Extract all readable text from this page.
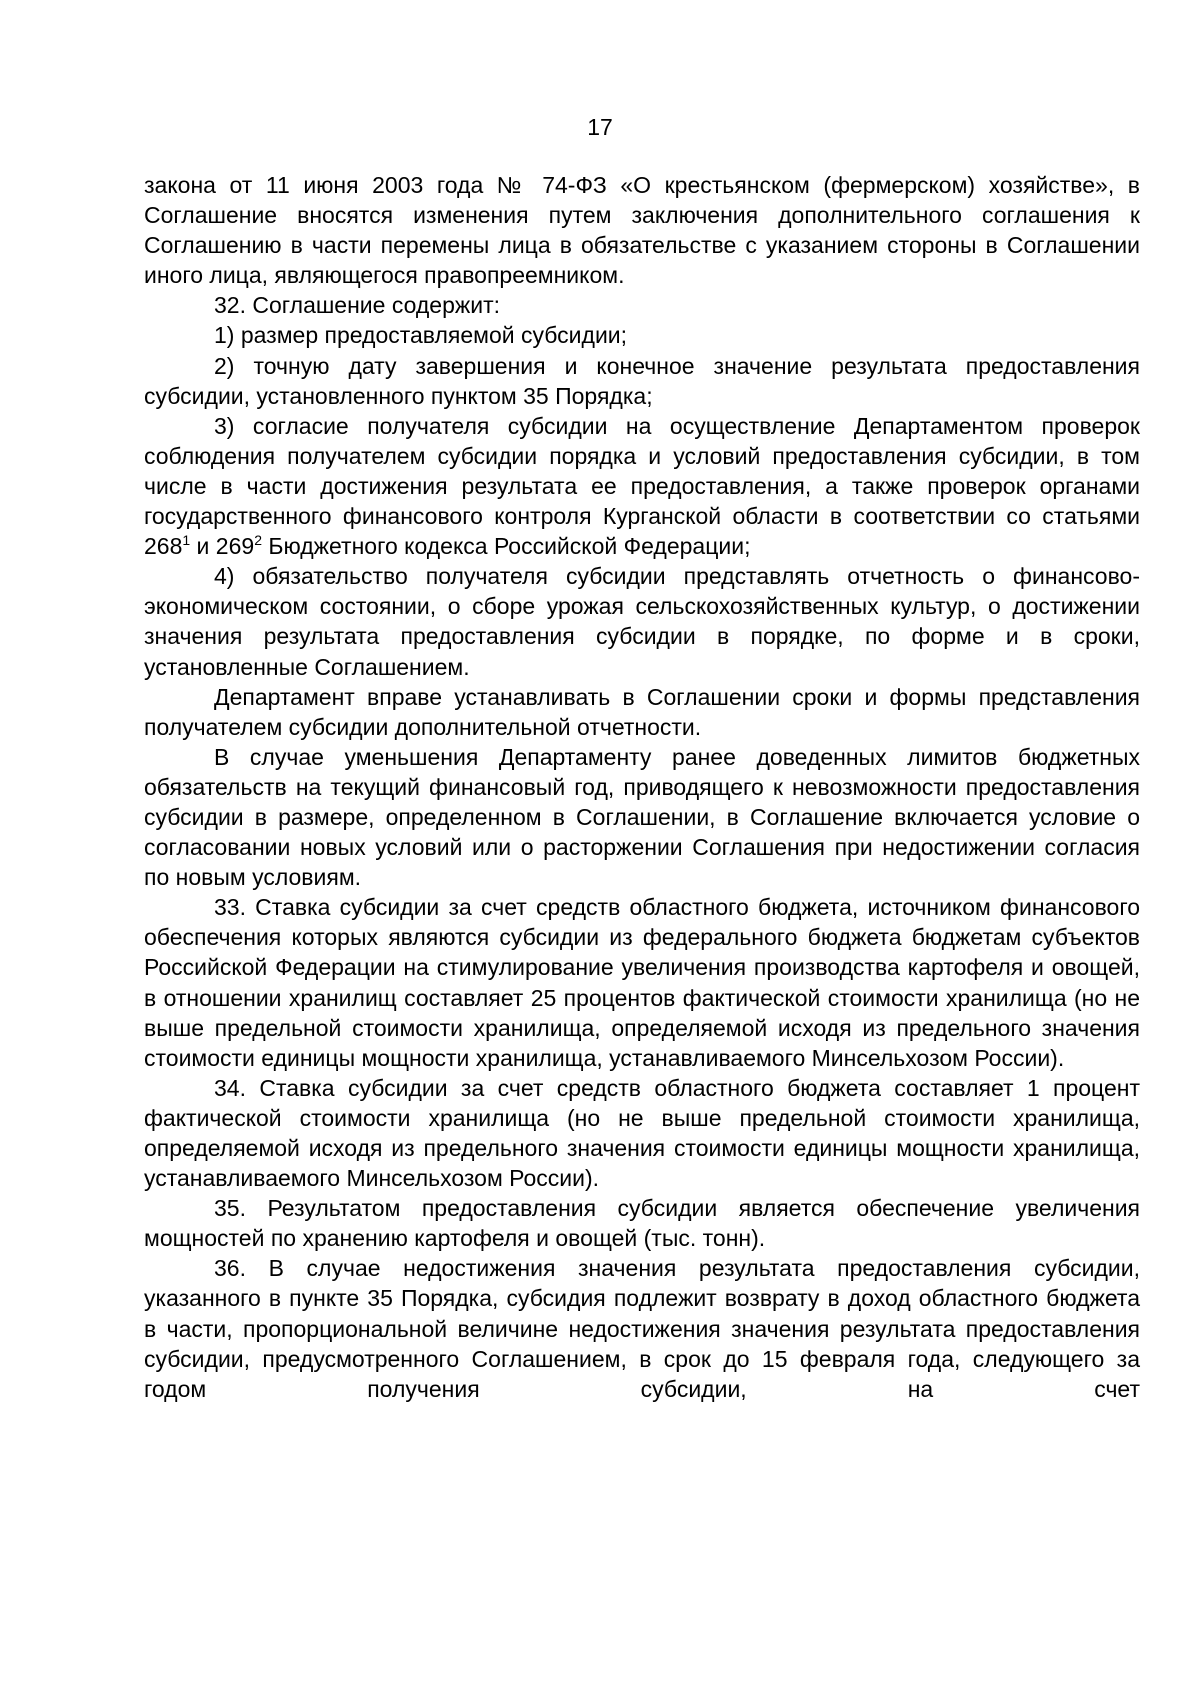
17

закона от 11 июня 2003 года № 74-ФЗ «О крестьянском (фермерском) хозяйстве», в Соглашение вносятся изменения путем заключения дополнительного соглашения к Соглашению в части перемены лица в обязательстве с указанием стороны в Соглашении иного лица, являющегося правопреемником.

32. Соглашение содержит:

1) размер предоставляемой субсидии;

2) точную дату завершения и конечное значение результата предоставления субсидии, установленного пунктом 35 Порядка;

3) согласие получателя субсидии на осуществление Департаментом проверок соблюдения получателем субсидии порядка и условий предоставления субсидии, в том числе в части достижения результата ее предоставления, а также проверок органами государственного финансового контроля Курганской области в соответствии со статьями $268^1$ и $269^2$ Бюджетного кодекса Российской Федерации;

4) обязательство получателя субсидии представлять отчетность о финансово-экономическом состоянии, о сборе урожая сельскохозяйственных культур, о достижении значения результата предоставления субсидии в порядке, по форме и в сроки, установленные Соглашением.

Департамент вправе устанавливать в Соглашении сроки и формы представления получателем субсидии дополнительной отчетности.

В случае уменьшения Департаменту ранее доведенных лимитов бюджетных обязательств на текущий финансовый год, приводящего к невозможности предоставления субсидии в размере, определенном в Соглашении, в Соглашение включается условие о согласовании новых условий или о расторжении Соглашения при недостижении согласия по новым условиям.

33. Ставка субсидии за счет средств областного бюджета, источником финансового обеспечения которых являются субсидии из федерального бюджета бюджетам субъектов Российской Федерации на стимулирование увеличения производства картофеля и овощей, в отношении хранилищ составляет 25 процентов фактической стоимости хранилища (но не выше предельной стоимости хранилища, определяемой исходя из предельного значения стоимости единицы мощности хранилища, устанавливаемого Минсельхозом России).

34. Ставка субсидии за счет средств областного бюджета составляет 1 процент фактической стоимости хранилища (но не выше предельной стоимости хранилища, определяемой исходя из предельного значения стоимости единицы мощности хранилища, устанавливаемого Минсельхозом России).

35. Результатом предоставления субсидии является обеспечение увеличения мощностей по хранению картофеля и овощей (тыс. тонн).

36. В случае недостижения значения результата предоставления субсидии, указанного в пункте 35 Порядка, субсидия подлежит возврату в доход областного бюджета в части, пропорциональной величине недостижения значения результата предоставления субсидии, предусмотренного Соглашением, в срок до 15 февраля года, следующего за годом получения субсидии, на счет
